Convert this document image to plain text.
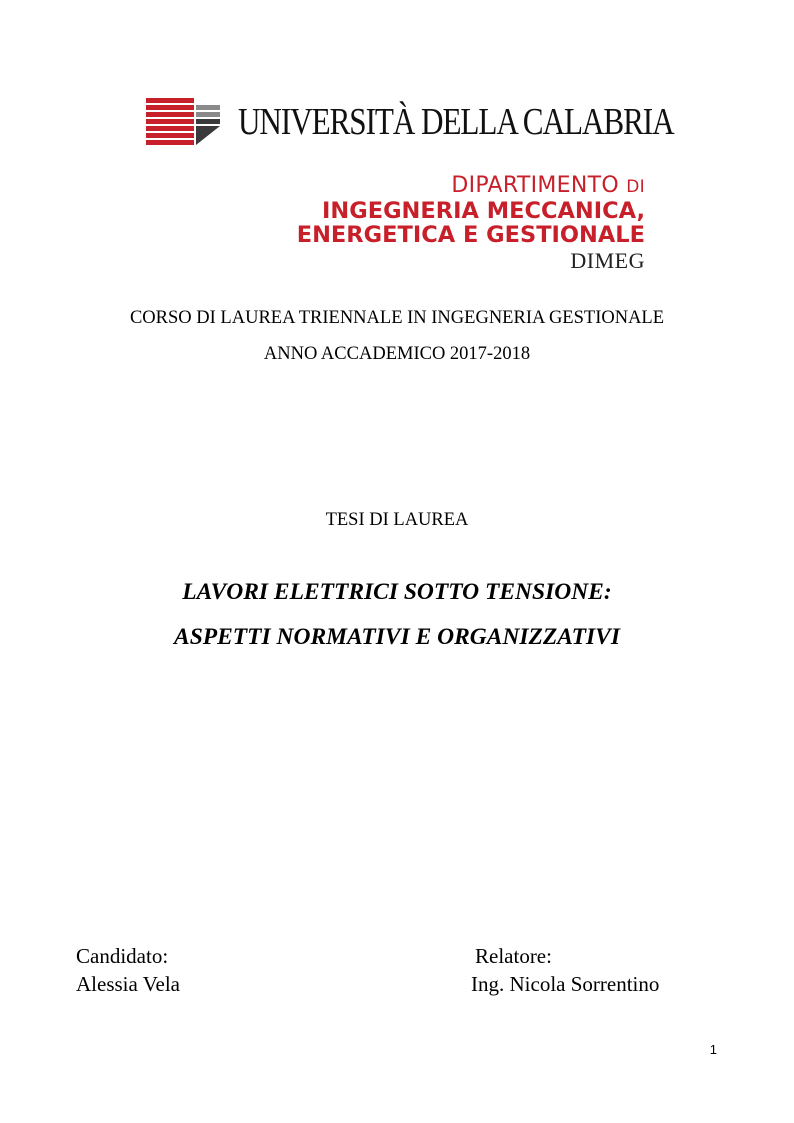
UNIVERSITÀ DELLA CALABRIA
DIPARTIMENTO DI
INGEGNERIA MECCANICA,
ENERGETICA E GESTIONALE
DIMEG
CORSO DI LAUREA TRIENNALE IN INGEGNERIA GESTIONALE
ANNO ACCADEMICO 2017-2018
TESI DI LAUREA
LAVORI ELETTRICI SOTTO TENSIONE:
ASPETTI NORMATIVI E ORGANIZZATIVI
Candidato:
Alessia Vela
Relatore:
Ing. Nicola Sorrentino
1
